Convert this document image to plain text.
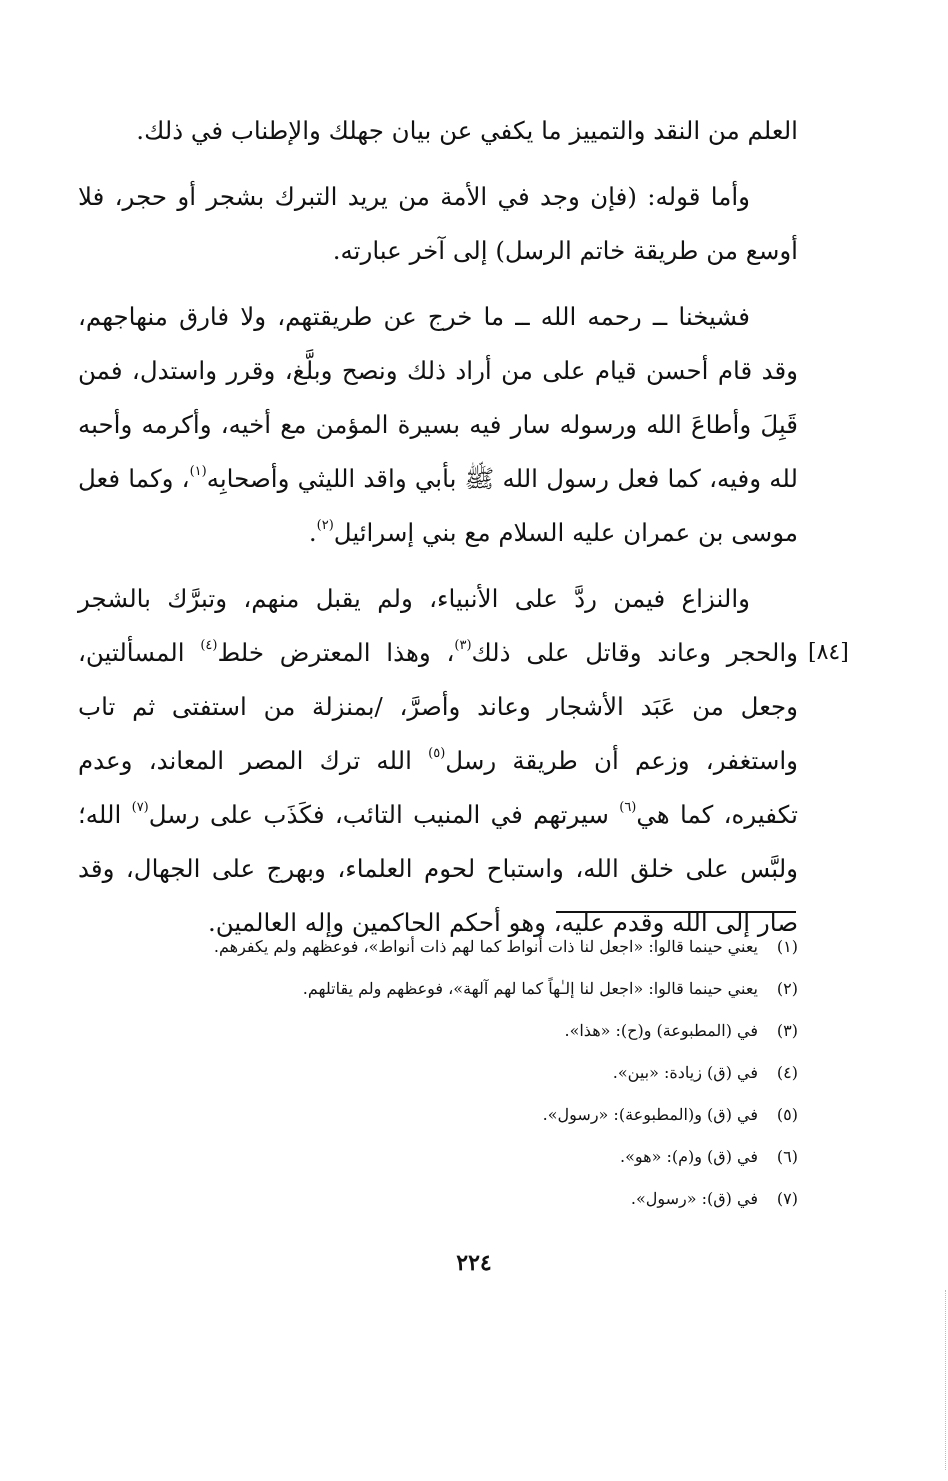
العلم من النقد والتمييز ما يكفي عن بيان جهلك والإطناب في ذلك.

وأما قوله: (فإن وجد في الأمة من يريد التبرك بشجر أو حجر، فلا أوسع من طريقة خاتم الرسل) إلى آخر عبارته.

فشيخنا ــ رحمه الله ــ ما خرج عن طريقتهم، ولا فارق منهاجهم، وقد قام أحسن قيام على من أراد ذلك ونصح وبلَّغ، وقرر واستدل، فمن قَبِلَ وأطاعَ الله ورسوله سار فيه بسيرة المؤمن مع أخيه، وأكرمه وأحبه لله وفيه، كما فعل رسول الله ﷺ بأبي واقد الليثي وأصحابِه$^{(١)}$، وكما فعل موسى بن عمران عليه السلام مع بني إسرائيل$^{(٢)}$.

والنزاع فيمن ردَّ على الأنبياء، ولم يقبل منهم، وتبرَّك بالشجر والحجر وعاند وقاتل على ذلك$^{(٣)}$، وهذا المعترض خلط$^{(٤)}$ المسألتين، وجعل من عَبَد الأشجار وعاند وأصرَّ، /بمنزلة من استفتى ثم تاب واستغفر، وزعم أن طريقة رسل$^{(٥)}$ الله ترك المصر المعاند، وعدم تكفيره، كما هي$^{(٦)}$ سيرتهم في المنيب التائب، فكَذَب على رسل$^{(٧)}$ الله؛ ولبَّس على خلق الله، واستباح لحوم العلماء، وبهرج على الجهال، وقد صار إلى الله وقدم عليه، وهو أحكم الحاكمين وإله العالمين.

[٨٤]
(١)
يعني حينما قالوا: «اجعل لنا ذات أنواط كما لهم ذات أنواط»، فوعظهم ولم يكفرهم.
(٢)
يعني حينما قالوا: «اجعل لنا إلـٰهاً كما لهم آلهة»، فوعظهم ولم يقاتلهم.
(٣)
في (المطبوعة) و(ح): «هذا».
(٤)
في (ق) زيادة: «بين».
(٥)
في (ق) و(المطبوعة): «رسول».
(٦)
في (ق) و(م): «هو».
(٧)
في (ق): «رسول».
٢٢٤
